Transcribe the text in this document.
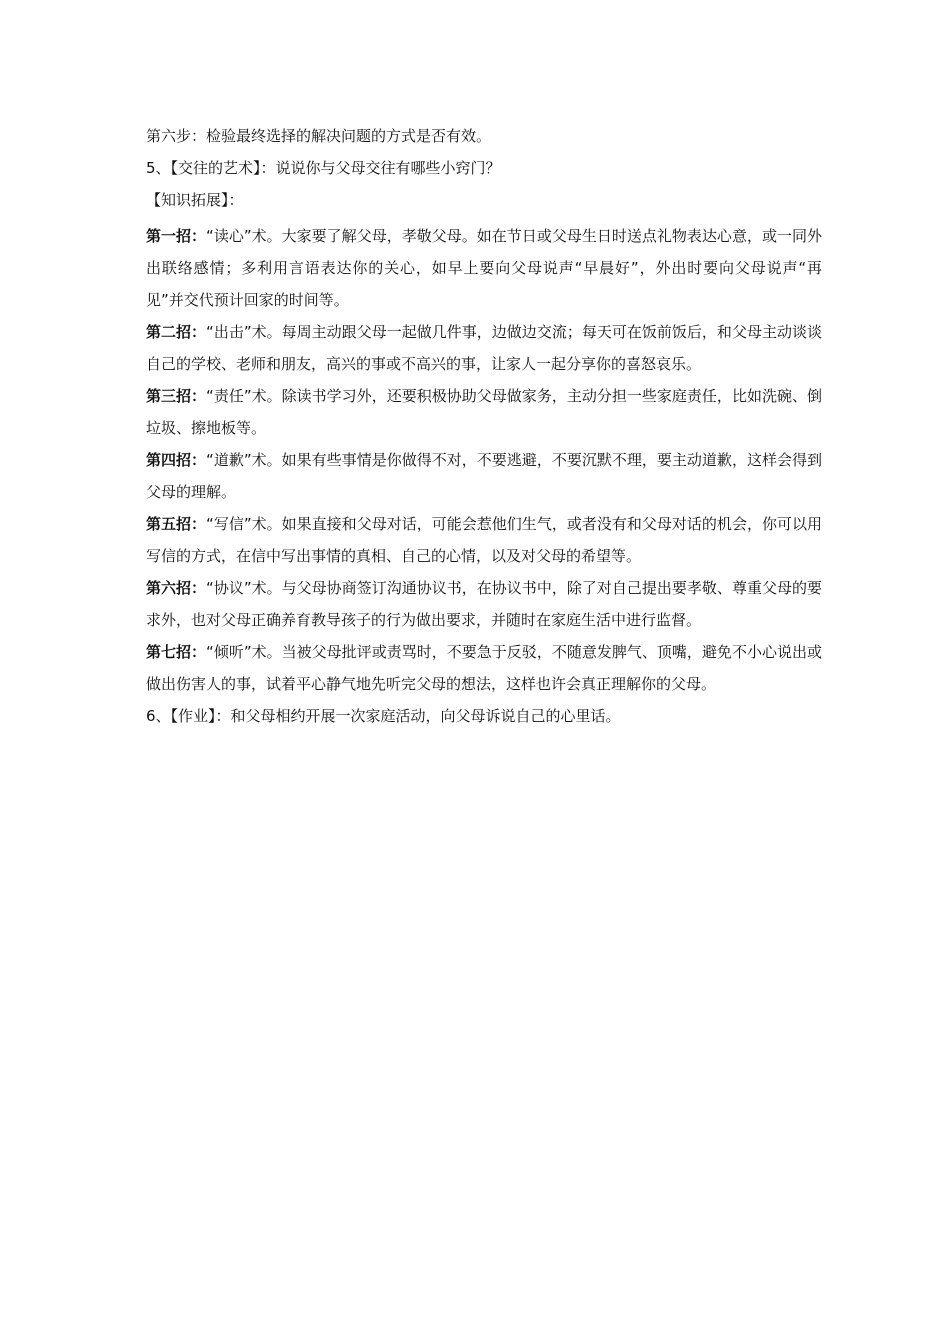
第六步：检验最终选择的解决问题的方式是否有效。

5、【交往的艺术】：说说你与父母交往有哪些小窍门？

【知识拓展】：

第一招：“读心”术。大家要了解父母，孝敬父母。如在节日或父母生日时送点礼物表达心意，或一同外出联络感情；多利用言语表达你的关心，如早上要向父母说声“早晨好”，外出时要向父母说声“再见”并交代预计回家的时间等。
第二招：“出击”术。每周主动跟父母一起做几件事，边做边交流；每天可在饭前饭后，和父母主动谈谈自己的学校、老师和朋友，高兴的事或不高兴的事，让家人一起分享你的喜怒哀乐。
第三招：“责任”术。除读书学习外，还要积极协助父母做家务，主动分担一些家庭责任，比如洗碗、倒垃圾、擦地板等。
第四招：“道歉”术。如果有些事情是你做得不对，不要逃避，不要沉默不理，要主动道歉，这样会得到父母的理解。
第五招：“写信”术。如果直接和父母对话，可能会惹他们生气，或者没有和父母对话的机会，你可以用写信的方式，在信中写出事情的真相、自己的心情，以及对父母的希望等。
第六招：“协议”术。与父母协商签订沟通协议书，在协议书中，除了对自己提出要孝敬、尊重父母的要求外，也对父母正确养育教导孩子的行为做出要求，并随时在家庭生活中进行监督。
第七招：“倾听”术。当被父母批评或责骂时，不要急于反驳，不随意发脾气、顶嘴，避免不小心说出或做出伤害人的事，试着平心静气地先听完父母的想法，这样也许会真正理解你的父母。

6、【作业】：和父母相约开展一次家庭活动，向父母诉说自己的心里话。
